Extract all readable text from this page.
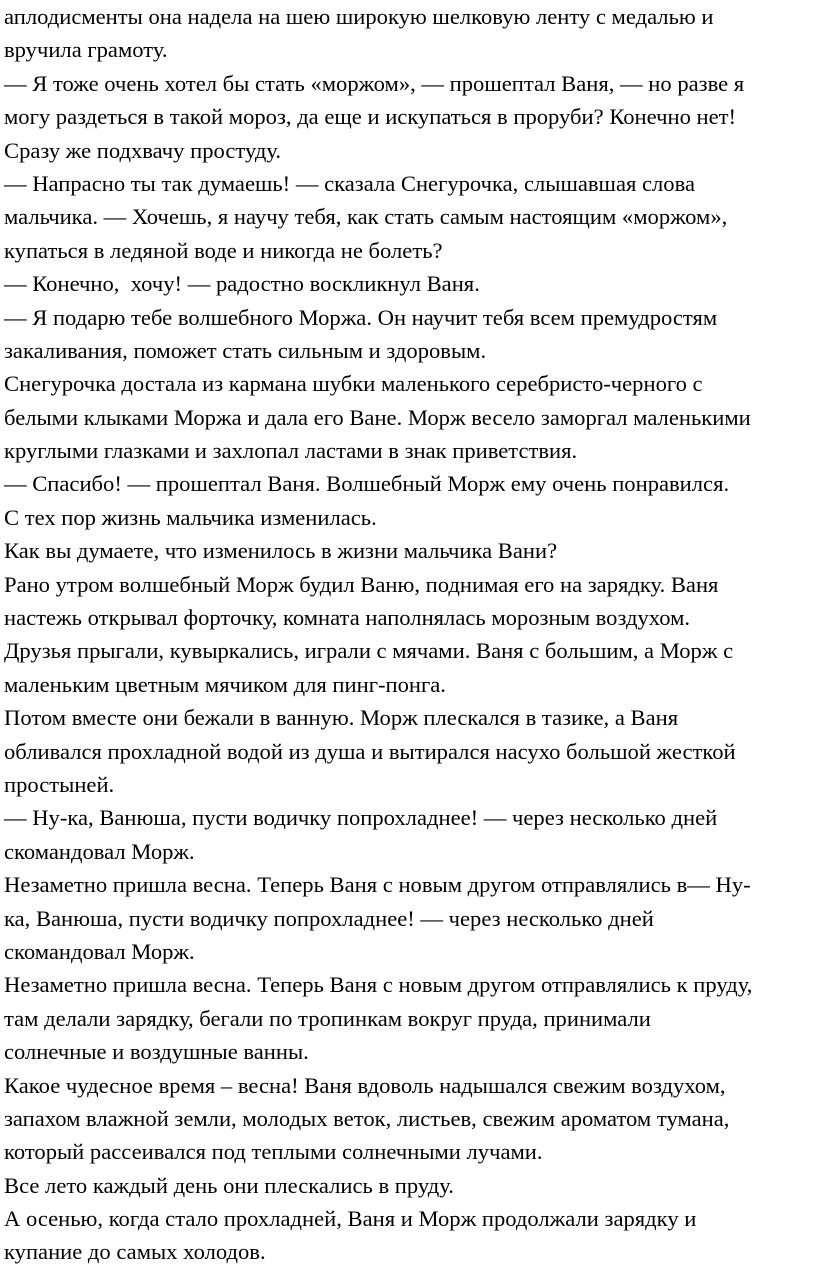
аплодисменты она надела на шею широкую шелковую ленту с медалью и
вручила грамоту.
— Я тоже очень хотел бы стать «моржом», — прошептал Ваня, — но разве я
могу раздеться в такой мороз, да еще и искупаться в проруби? Конечно нет!
Сразу же подхвачу простуду.
— Напрасно ты так думаешь! — сказала Снегурочка, слышавшая слова
мальчика. — Хочешь, я научу тебя, как стать самым настоящим «моржом»,
купаться в ледяной воде и никогда не болеть?
— Конечно,  хочу! — радостно воскликнул Ваня.
— Я подарю тебе волшебного Моржа. Он научит тебя всем премудростям
закаливания, поможет стать сильным и здоровым.
Снегурочка достала из кармана шубки маленького серебристо-черного с
белыми клыками Моржа и дала его Ване. Морж весело заморгал маленькими
круглыми глазками и захлопал ластами в знак приветствия.
— Спасибо! — прошептал Ваня. Волшебный Морж ему очень понравился.
С тех пор жизнь мальчика изменилась.
Как вы думаете, что изменилось в жизни мальчика Вани?
Рано утром волшебный Морж будил Ваню, поднимая его на зарядку. Ваня
настежь открывал форточку, комната наполнялась морозным воздухом.
Друзья прыгали, кувыркались, играли с мячами. Ваня с большим, а Морж с
маленьким цветным мячиком для пинг-понга.
Потом вместе они бежали в ванную. Морж плескался в тазике, а Ваня
обливался прохладной водой из душа и вытирался насухо большой жесткой
простыней.
— Ну-ка, Ванюша, пусти водичку попрохладнее! — через несколько дней
скомандовал Морж.
Незаметно пришла весна. Теперь Ваня с новым другом отправлялись в— Ну-
ка, Ванюша, пусти водичку попрохладнее! — через несколько дней
скомандовал Морж.
Незаметно пришла весна. Теперь Ваня с новым другом отправлялись к пруду,
там делали зарядку, бегали по тропинкам вокруг пруда, принимали
солнечные и воздушные ванны.
Какое чудесное время – весна! Ваня вдоволь надышался свежим воздухом,
запахом влажной земли, молодых веток, листьев, свежим ароматом тумана,
который рассеивался под теплыми солнечными лучами.
Все лето каждый день они плескались в пруду.
А осенью, когда стало прохладней, Ваня и Морж продолжали зарядку и
купание до самых холодов.
